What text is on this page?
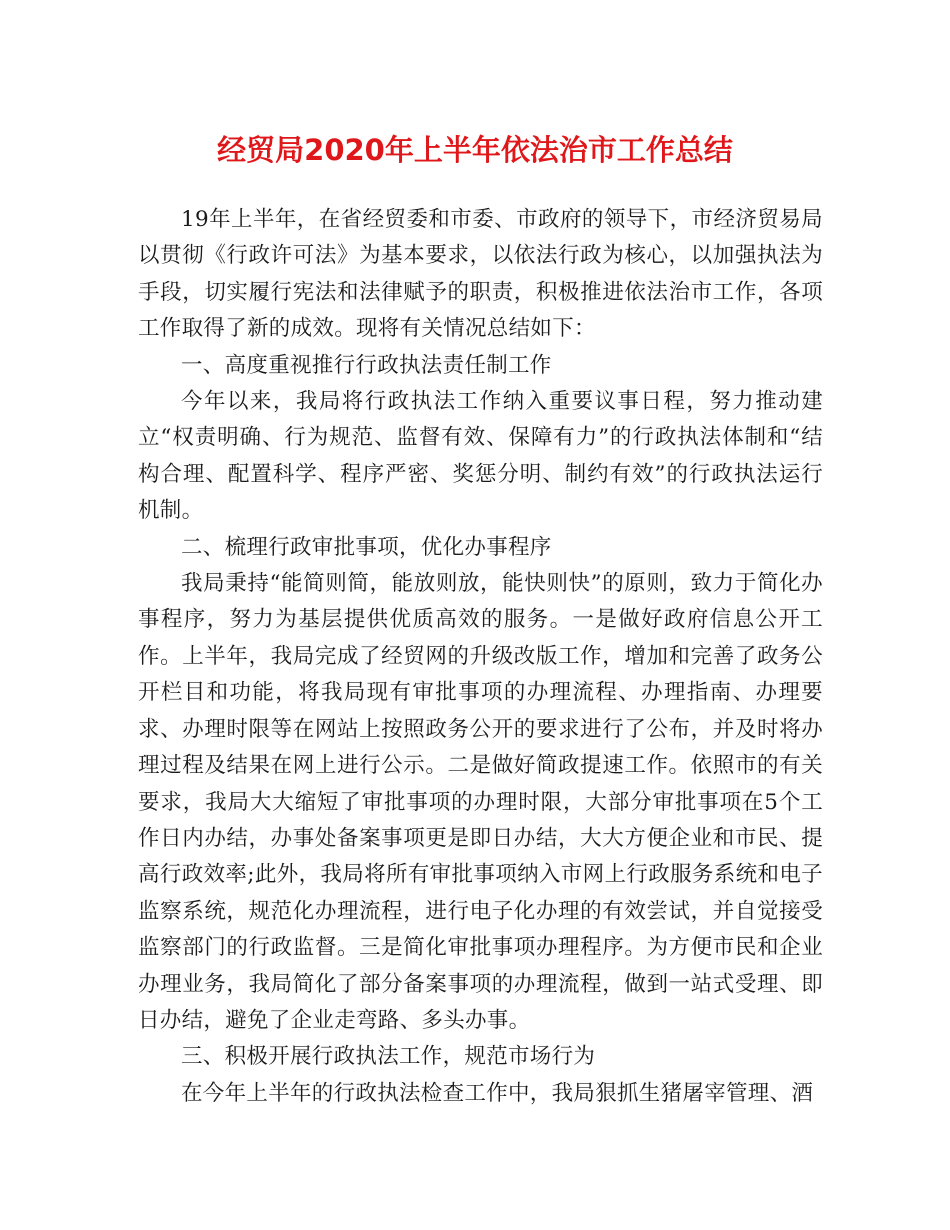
经贸局2020年上半年依法治市工作总结

19年上半年，在省经贸委和市委、市政府的领导下，市经济贸易局以贯彻《行政许可法》为基本要求，以依法行政为核心，以加强执法为手段，切实履行宪法和法律赋予的职责，积极推进依法治市工作，各项工作取得了新的成效。现将有关情况总结如下：

一、高度重视推行行政执法责任制工作

今年以来，我局将行政执法工作纳入重要议事日程，努力推动建立“权责明确、行为规范、监督有效、保障有力”的行政执法体制和“结构合理、配置科学、程序严密、奖惩分明、制约有效”的行政执法运行机制。

二、梳理行政审批事项，优化办事程序

我局秉持“能简则简，能放则放，能快则快”的原则，致力于简化办事程序，努力为基层提供优质高效的服务。一是做好政府信息公开工作。上半年，我局完成了经贸网的升级改版工作，增加和完善了政务公开栏目和功能，将我局现有审批事项的办理流程、办理指南、办理要求、办理时限等在网站上按照政务公开的要求进行了公布，并及时将办理过程及结果在网上进行公示。二是做好简政提速工作。依照市的有关要求，我局大大缩短了审批事项的办理时限，大部分审批事项在5个工作日内办结，办事处备案事项更是即日办结，大大方便企业和市民、提高行政效率;此外，我局将所有审批事项纳入市网上行政服务系统和电子监察系统，规范化办理流程，进行电子化办理的有效尝试，并自觉接受监察部门的行政监督。三是简化审批事项办理程序。为方便市民和企业办理业务，我局简化了部分备案事项的办理流程，做到一站式受理、即日办结，避免了企业走弯路、多头办事。

三、积极开展行政执法工作，规范市场行为

在今年上半年的行政执法检查工作中，我局狠抓生猪屠宰管理、酒
